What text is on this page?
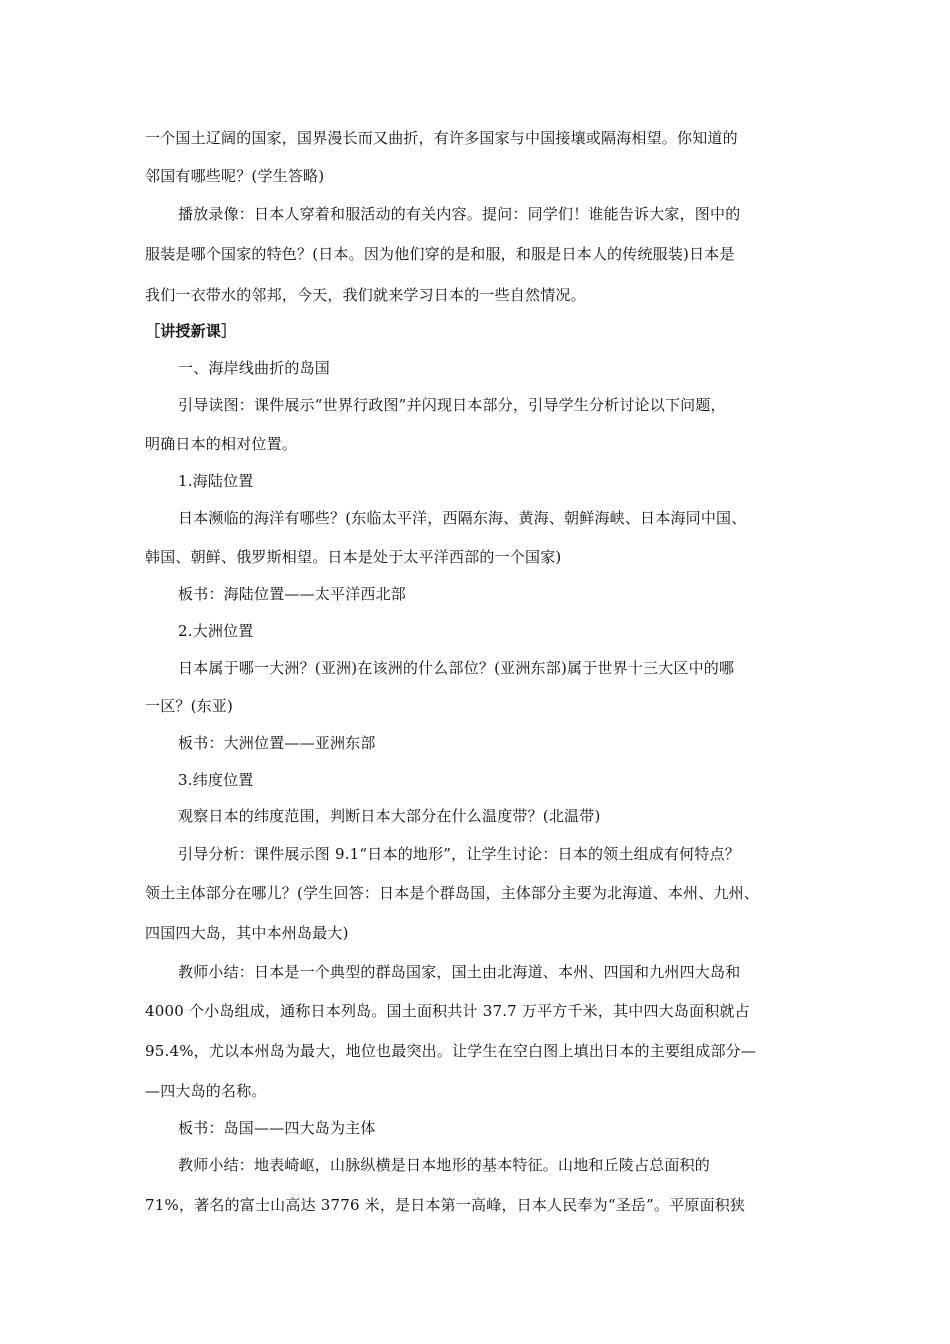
一个国土辽阔的国家，国界漫长而又曲折，有许多国家与中国接壤或隔海相望。你知道的
邻国有哪些呢？(学生答略)
播放录像：日本人穿着和服活动的有关内容。提问：同学们！谁能告诉大家，图中的
服装是哪个国家的特色？(日本。因为他们穿的是和服，和服是日本人的传统服装)日本是
我们一衣带水的邻邦，今天，我们就来学习日本的一些自然情况。
［讲授新课］
一、海岸线曲折的岛国
引导读图：课件展示“世界行政图”并闪现日本部分，引导学生分析讨论以下问题，
明确日本的相对位置。
1.海陆位置
日本濒临的海洋有哪些？(东临太平洋，西隔东海、黄海、朝鲜海峡、日本海同中国、
韩国、朝鲜、俄罗斯相望。日本是处于太平洋西部的一个国家)
板书：海陆位置——太平洋西北部
2.大洲位置
日本属于哪一大洲？(亚洲)在该洲的什么部位？(亚洲东部)属于世界十三大区中的哪
一区？(东亚)
板书：大洲位置——亚洲东部
3.纬度位置
观察日本的纬度范围，判断日本大部分在什么温度带？(北温带)
引导分析：课件展示图 9.1“日本的地形”，让学生讨论：日本的领土组成有何特点？
领土主体部分在哪儿？(学生回答：日本是个群岛国，主体部分主要为北海道、本州、九州、
四国四大岛，其中本州岛最大)
教师小结：日本是一个典型的群岛国家，国土由北海道、本州、四国和九州四大岛和
4000 个小岛组成，通称日本列岛。国土面积共计 37.7 万平方千米，其中四大岛面积就占
95.4%，尤以本州岛为最大，地位也最突出。让学生在空白图上填出日本的主要组成部分—
—四大岛的名称。
板书：岛国——四大岛为主体
教师小结：地表崎岖，山脉纵横是日本地形的基本特征。山地和丘陵占总面积的
71%，著名的富士山高达 3776 米，是日本第一高峰，日本人民奉为“圣岳”。平原面积狭
